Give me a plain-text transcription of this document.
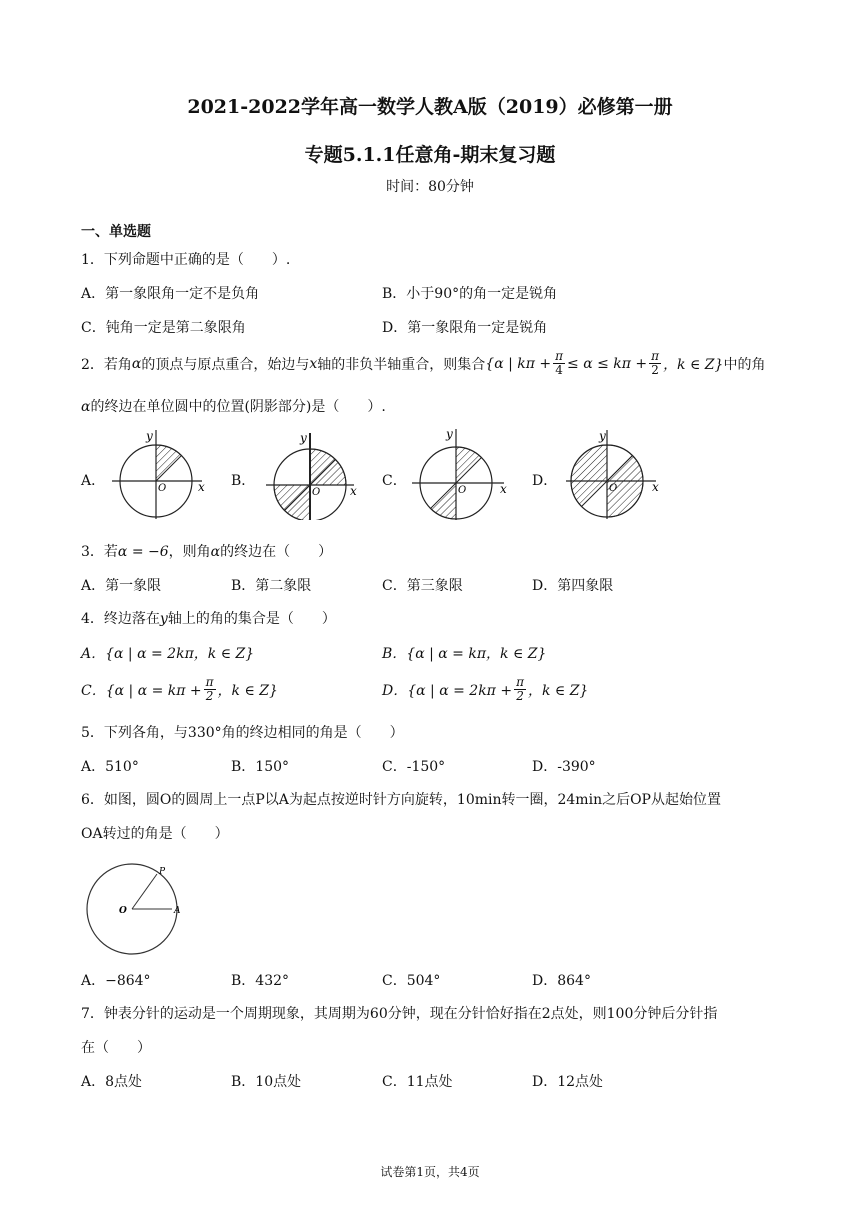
2021-2022学年高一数学人教A版（2019）必修第一册
专题5.1.1任意角-期末复习题
时间：80分钟
一、单选题
1．下列命题中正确的是（　　）.
A．第一象限角一定不是负角	B．小于90°的角一定是锐角
C．钝角一定是第二象限角	D．第一象限角一定是锐角
2．若角 α 的顶点与原点重合，始边与 x 轴的非负半轴重合，则集合 {α | $k\pi + \frac{\pi}{4} \le \alpha \le k\pi + \frac{\pi}{2}$ ，k ∈ Z} 中的角
α的终边在单位圆中的位置(阴影部分)是（　　）.
A．	x
y
O	B．
x
y
O
C．	x
y
O
D．	x
y
O
3．若α = −6，则角α的终边在（　　）
A．第一象限	B．第二象限	C．第三象限	D．第四象限
4．终边落在y轴上的角的集合是（　　）
A．{α | α = 2kπ，k ∈ Z}	B．{α | α = kπ，k ∈ Z}
C．{α | $\alpha = k\pi + \frac{\pi}{2}$ ，k ∈ Z}	D．{α | $\alpha = 2k\pi + \frac{\pi}{2}$ ，k ∈ Z}
5．下列各角，与330°角的终边相同的角是（　　）
A．510°	B．150°	C．-150°	D．-390°
6．如图，圆O的圆周上一点P以A为起点按逆时针方向旋转，10min转一圈，24min之后OP从起始位置
OA转过的角是（　　）
O	A
P
A．−864°	B．432°	C．504°	D．864°
7．钟表分针的运动是一个周期现象，其周期为60分钟，现在分针恰好指在2点处，则100分钟后分针指
在（　　）
A．8点处	B．10点处	C．11点处	D．12点处
试卷第1页，共4页
